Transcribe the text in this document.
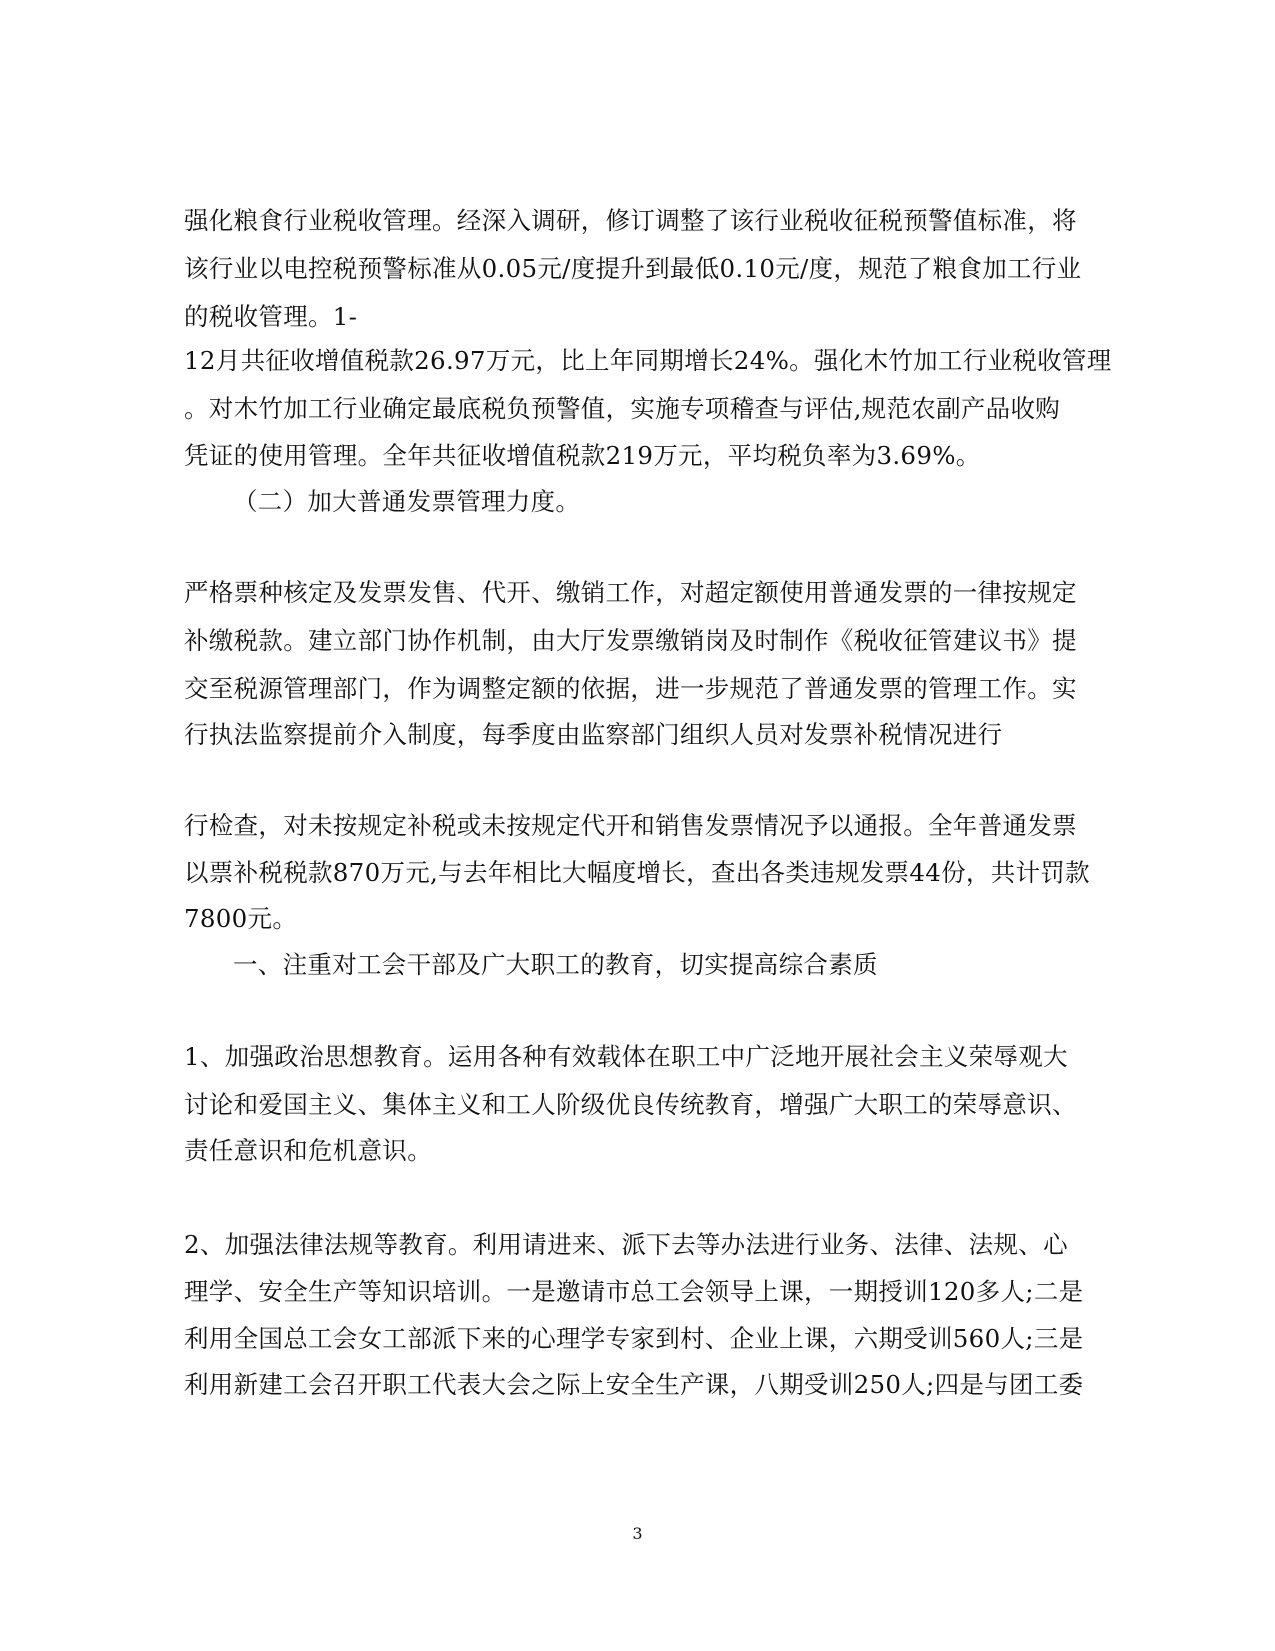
强化粮食行业税收管理。经深入调研，修订调整了该行业税收征税预警值标准，将
该行业以电控税预警标准从0.05元/度提升到最低0.10元/度，规范了粮食加工行业
的税收管理。1-
12月共征收增值税款26.97万元，比上年同期增长24%。强化木竹加工行业税收管理
。对木竹加工行业确定最底税负预警值，实施专项稽查与评估,规范农副产品收购
凭证的使用管理。全年共征收增值税款219万元，平均税负率为3.69%。
（二）加大普通发票管理力度。
严格票种核定及发票发售、代开、缴销工作，对超定额使用普通发票的一律按规定
补缴税款。建立部门协作机制，由大厅发票缴销岗及时制作《税收征管建议书》提
交至税源管理部门，作为调整定额的依据，进一步规范了普通发票的管理工作。实
行执法监察提前介入制度，每季度由监察部门组织人员对发票补税情况进行
行检查，对未按规定补税或未按规定代开和销售发票情况予以通报。全年普通发票
以票补税税款870万元,与去年相比大幅度增长，查出各类违规发票44份，共计罚款
7800元。
一、注重对工会干部及广大职工的教育，切实提高综合素质
1、加强政治思想教育。运用各种有效载体在职工中广泛地开展社会主义荣辱观大
讨论和爱国主义、集体主义和工人阶级优良传统教育，增强广大职工的荣辱意识、
责任意识和危机意识。
2、加强法律法规等教育。利用请进来、派下去等办法进行业务、法律、法规、心
理学、安全生产等知识培训。一是邀请市总工会领导上课，一期授训120多人;二是
利用全国总工会女工部派下来的心理学专家到村、企业上课，六期受训560人;三是
利用新建工会召开职工代表大会之际上安全生产课，八期受训250人;四是与团工委
3
